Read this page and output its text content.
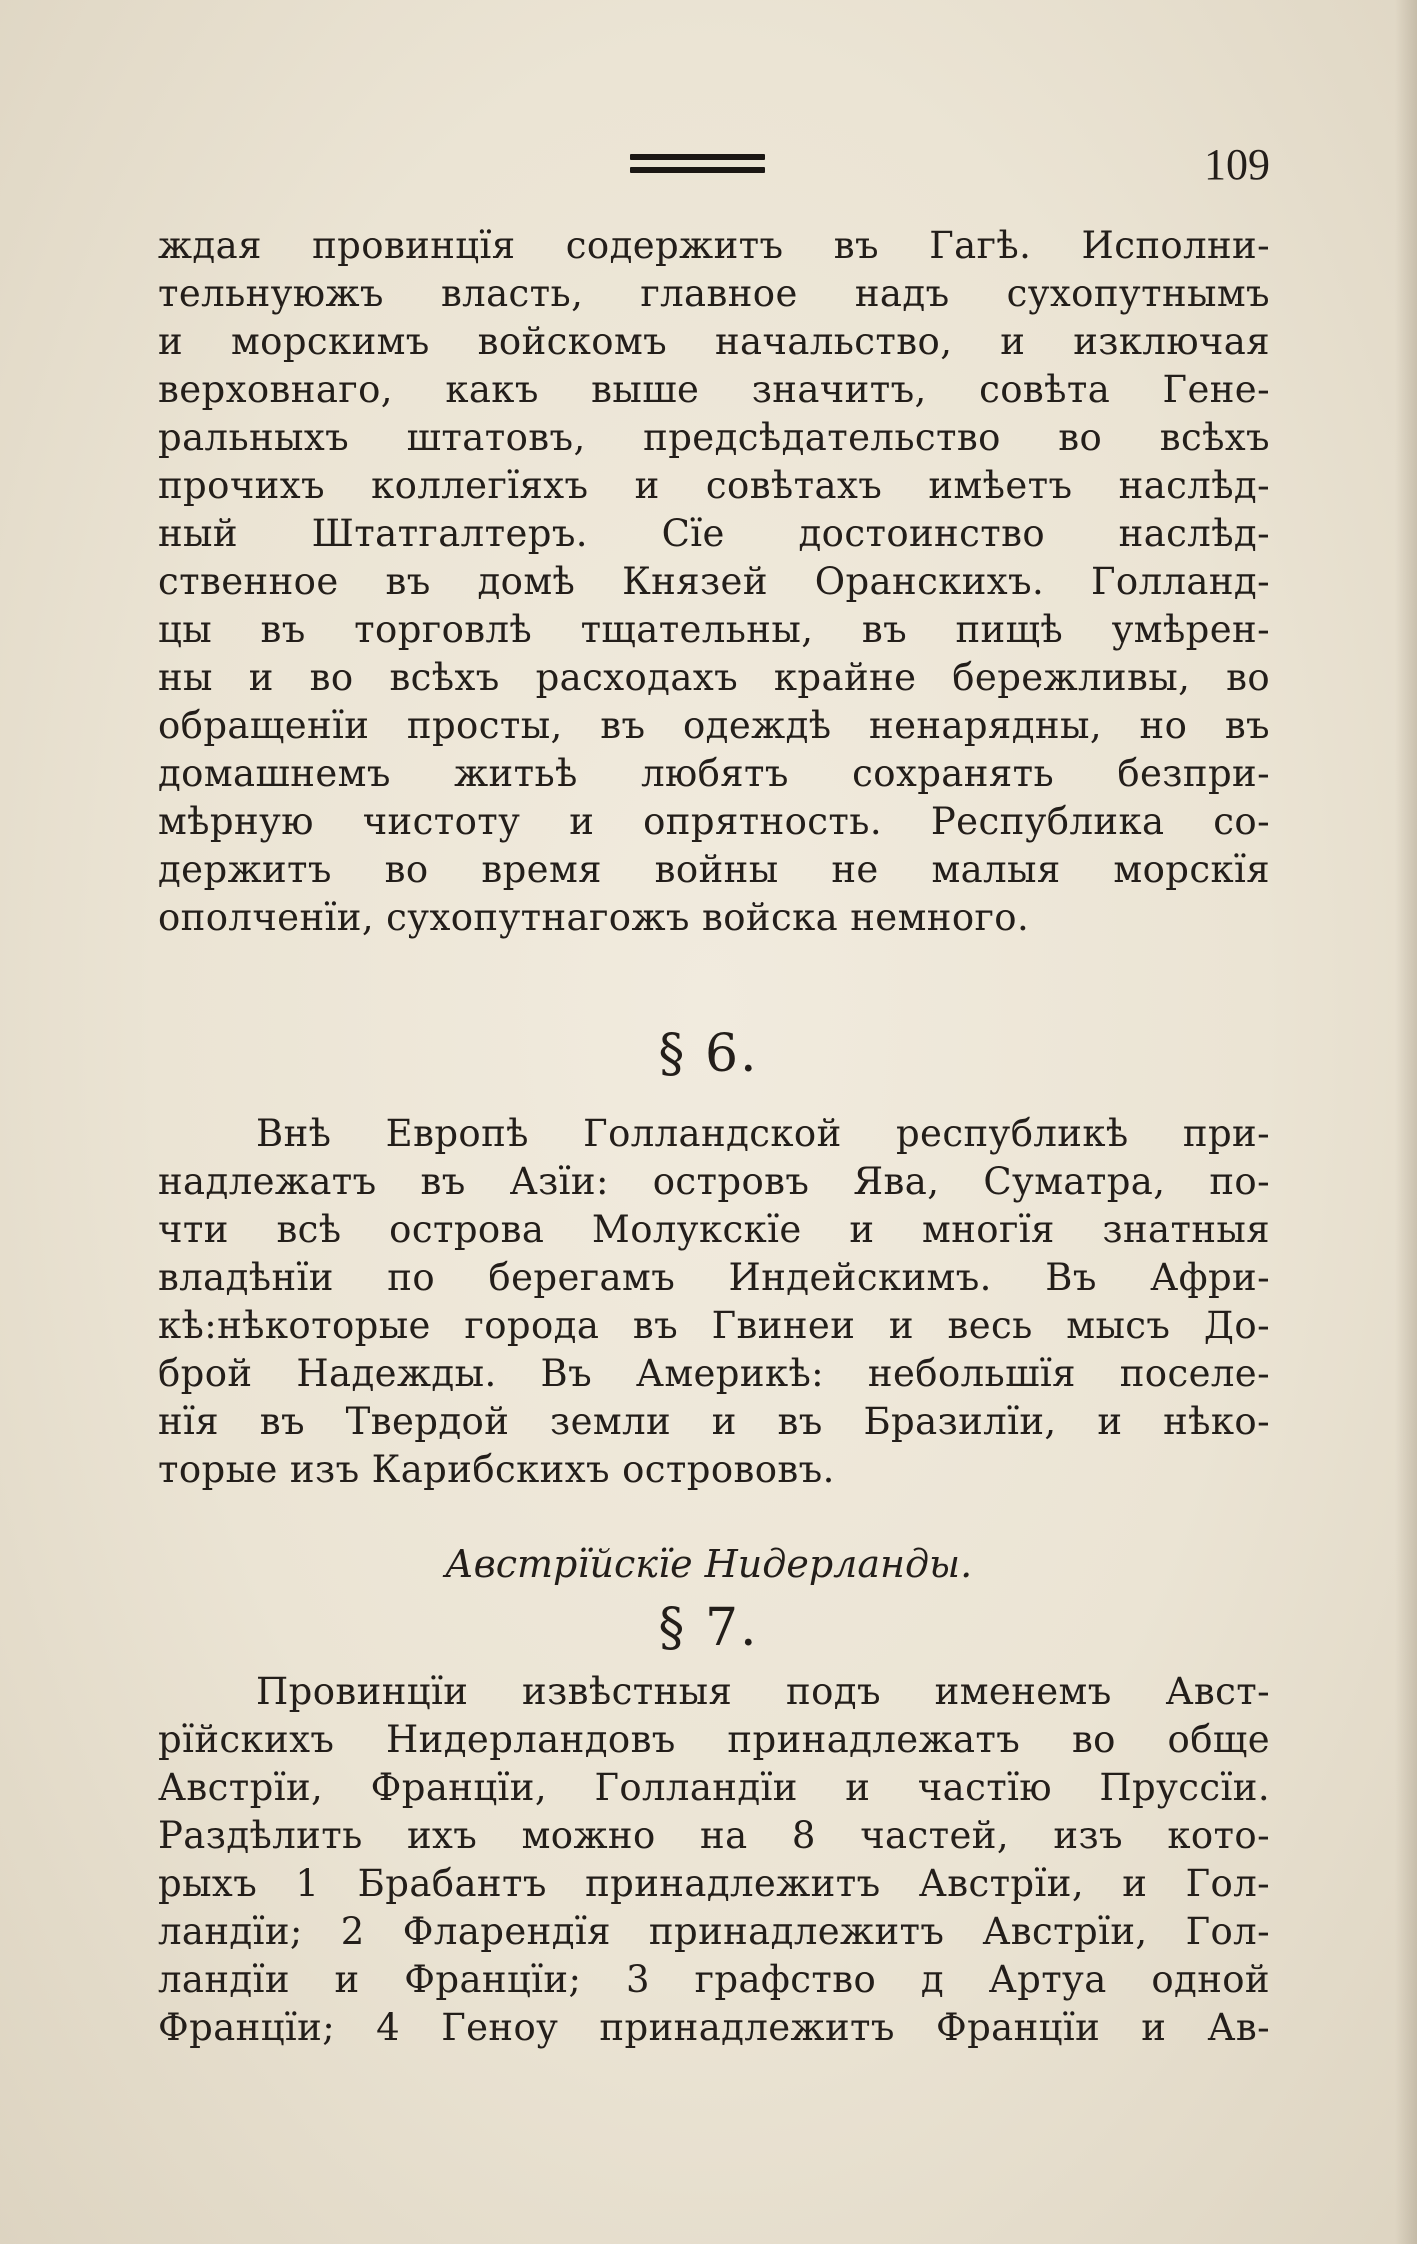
109
ждая провинцїя содержитъ въ Гагѣ. Исполни-
тельнуюжъ власть, главное надъ сухопутнымъ
и морскимъ войскомъ начальство, и изключая
верховнаго, какъ выше значитъ, совѣта Гене-
ральныхъ штатовъ, предсѣдательство во всѣхъ
прочихъ коллегїяхъ и совѣтахъ имѣетъ наслѣд-
ный Штатгалтеръ. Сїе достоинство наслѣд-
ственное въ домѣ Князей Оранскихъ. Голланд-
цы въ торговлѣ тщательны, въ пищѣ умѣрен-
ны и во всѣхъ расходахъ крайне бережливы, во
обращенїи просты, въ одеждѣ ненарядны, но въ
домашнемъ житьѣ любятъ сохранять безпри-
мѣрную чистоту и опрятность. Республика со-
держитъ во время войны не малыя морскїя
ополченїи, сухопутнагожъ войска немного.
§ 6.
Внѣ Европѣ Голландской республикѣ при-
надлежатъ въ Азїи: островъ Ява, Суматра, по-
чти всѣ острова Молукскїе и многїя знатныя
владѣнїи по берегамъ Индейскимъ. Въ Афри-
кѣ:нѣкоторые города въ Гвинеи и весь мысъ До-
брой Надежды. Въ Америкѣ: небольшїя поселе-
нїя въ Твердой земли и въ Бразилїи, и нѣко-
торые изъ Карибскихъ острововъ.
Австрїйскїе Нидерланды.
§ 7.
Провинцїи извѣстныя подъ именемъ Авст-
рїйскихъ Нидерландовъ принадлежатъ во обще
Австрїи, Францїи, Голландїи и частїю Пруссїи.
Раздѣлить ихъ можно на 8 частей, изъ кото-
рыхъ 1 Брабантъ принадлежитъ Австрїи, и Гол-
ландїи; 2 Фларендїя принадлежитъ Австрїи, Гол-
ландїи и Францїи; 3 графство д Артуа одной
Францїи; 4 Геноу принадлежитъ Францїи и Ав-
